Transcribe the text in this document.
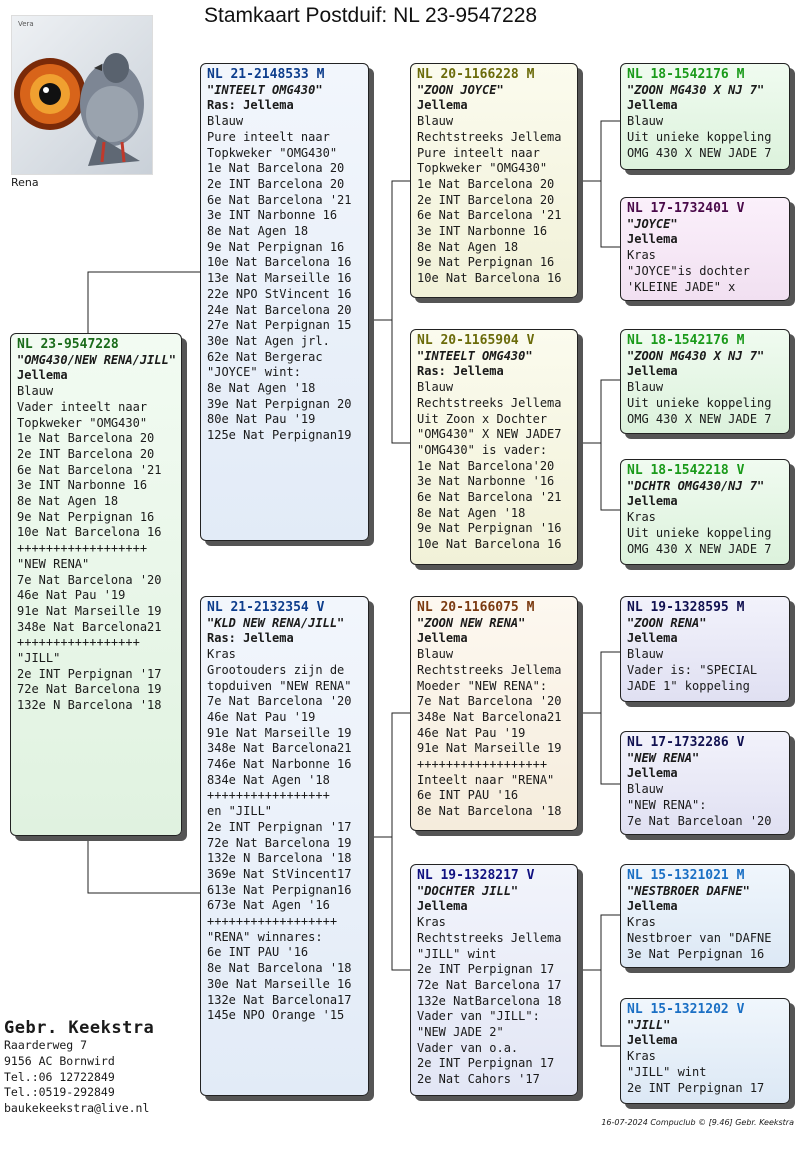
Stamkaart Postduif: NL 23-9547228
Vera
Rena
NL 23-9547228
"OMG430/NEW RENA/JILL"
Jellema
Blauw
Vader inteelt naar
Topkweker "OMG430"
1e Nat Barcelona 20
2e INT Barcelona 20
6e Nat Barcelona '21
3e INT Narbonne 16
8e Nat Agen 18
9e Nat Perpignan 16
10e Nat Barcelona 16
++++++++++++++++++
"NEW RENA"
7e Nat Barcelona '20
46e Nat Pau '19
91e Nat Marseille 19
348e Nat Barcelona21
+++++++++++++++++
"JILL"
2e INT Perpignan '17
72e Nat Barcelona 19
132e N Barcelona '18
NL 21-2148533 M
"INTEELT OMG430"
Ras: Jellema
Blauw
Pure inteelt naar
Topkweker "OMG430"
1e Nat Barcelona 20
2e INT Barcelona 20
6e Nat Barcelona '21
3e INT Narbonne 16
8e Nat Agen 18
9e Nat Perpignan 16
10e Nat Barcelona 16
13e Nat Marseille 16
22e NPO StVincent 16
24e Nat Barcelona 20
27e Nat Perpignan 15
30e Nat Agen jrl.
62e Nat Bergerac
"JOYCE" wint:
8e Nat Agen '18
39e Nat Perpignan 20
80e Nat Pau '19
125e Nat Perpignan19
NL 21-2132354 V
"KLD NEW RENA/JILL"
Ras: Jellema
Kras
Grootouders zijn de
topduiven "NEW RENA"
7e Nat Barcelona '20
46e Nat Pau '19
91e Nat Marseille 19
348e Nat Barcelona21
746e Nat Narbonne 16
834e Nat Agen '18
+++++++++++++++++
en "JILL"
2e INT Perpignan '17
72e Nat Barcelona 19
132e N Barcelona '18
369e Nat StVincent17
613e Nat Perpignan16
673e Nat Agen '16
++++++++++++++++++
"RENA" winnares:
6e INT PAU '16
8e Nat Barcelona '18
30e Nat Marseille 16
132e Nat Barcelona17
145e NPO Orange '15
NL 20-1166228 M
"ZOON JOYCE"
Jellema
Blauw
Rechtstreeks Jellema
Pure inteelt naar
Topkweker "OMG430"
1e Nat Barcelona 20
2e INT Barcelona 20
6e Nat Barcelona '21
3e INT Narbonne 16
8e Nat Agen 18
9e Nat Perpignan 16
10e Nat Barcelona 16
NL 20-1165904 V
"INTEELT OMG430"
Ras: Jellema
Blauw
Rechtstreeks Jellema
Uit Zoon x Dochter
"OMG430" X NEW JADE7
"OMG430" is vader:
1e Nat Barcelona'20
3e Nat Narbonne '16
6e Nat Barcelona '21
8e Nat Agen '18
9e Nat Perpignan '16
10e Nat Barcelona 16
NL 20-1166075 M
"ZOON NEW RENA"
Jellema
Blauw
Rechtstreeks Jellema
Moeder "NEW RENA":
7e Nat Barcelona '20
348e Nat Barcelona21
46e Nat Pau '19
91e Nat Marseille 19
++++++++++++++++++
Inteelt naar "RENA"
6e INT PAU '16
8e Nat Barcelona '18
NL 19-1328217 V
"DOCHTER JILL"
Jellema
Kras
Rechtstreeks Jellema
"JILL" wint
2e INT Perpignan 17
72e Nat Barcelona 17
132e NatBarcelona 18
Vader van "JILL":
"NEW JADE 2"
Vader van o.a.
2e INT Perpignan 17
2e Nat Cahors '17
NL 18-1542176 M
"ZOON MG430 X NJ 7"
Jellema
Blauw
Uit unieke koppeling
OMG 430 X NEW JADE 7
NL 17-1732401 V
"JOYCE"
Jellema
Kras
"JOYCE"is dochter
'KLEINE JADE" x
NL 18-1542176 M
"ZOON MG430 X NJ 7"
Jellema
Blauw
Uit unieke koppeling
OMG 430 X NEW JADE 7
NL 18-1542218 V
"DCHTR OMG430/NJ 7"
Jellema
Kras
Uit unieke koppeling
OMG 430 X NEW JADE 7
NL 19-1328595 M
"ZOON RENA"
Jellema
Blauw
Vader is: "SPECIAL
JADE 1" koppeling
NL 17-1732286 V
"NEW RENA"
Jellema
Blauw
"NEW RENA":
7e Nat Barceloan '20
NL 15-1321021 M
"NESTBROER DAFNE"
Jellema
Kras
Nestbroer van "DAFNE
3e Nat Perpignan 16
NL 15-1321202 V
"JILL"
Jellema
Kras
"JILL" wint
2e INT Perpignan 17
Gebr. Keekstra
Raarderweg 7
9156 AC Bornwird
Tel.:06 12722849
Tel.:0519-292849
baukekeekstra@live.nl
16-07-2024 Compuclub © [9.46] Gebr. Keekstra
